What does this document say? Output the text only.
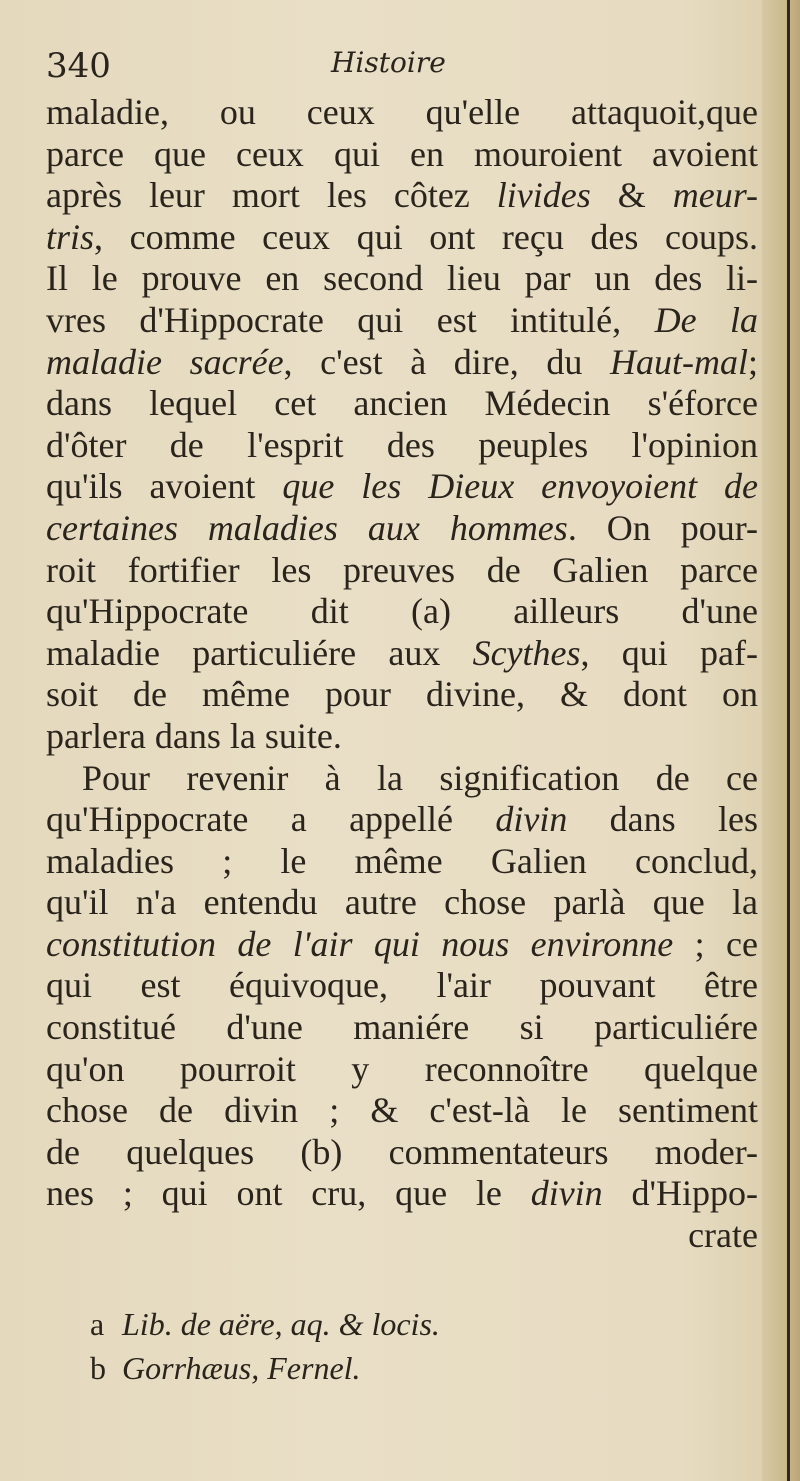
340	Histoire
maladie, ou ceux qu'elle attaquoit,que
parce que ceux qui en mouroient avoient
après leur mort les côtez livides & meur-
tris, comme ceux qui ont reçu des coups.
Il le prouve en second lieu par un des li-
vres d'Hippocrate qui est intitulé, De la
maladie sacrée, c'est à dire, du Haut-mal;
dans lequel cet ancien Médecin s'éforce
d'ôter de l'esprit des peuples l'opinion
qu'ils avoient que les Dieux envoyoient de
certaines maladies aux hommes. On pour-
roit fortifier les preuves de Galien parce
qu'Hippocrate dit (a) ailleurs d'une
maladie particuliére aux Scythes, qui paf-
soit de même pour divine, & dont on
parlera dans la suite.
Pour revenir à la signification de ce
qu'Hippocrate a appellé divin dans les
maladies ; le même Galien conclud,
qu'il n'a entendu autre chose parlà que la
constitution de l'air qui nous environne ; ce
qui est équivoque, l'air pouvant être
constitué d'une maniére si particuliére
qu'on pourroit y reconnoître quelque
chose de divin ; & c'est-là le sentiment
de quelques (b) commentateurs moder-
nes ; qui ont cru, que le divin d'Hippo-
crate
a Lib. de aëre, aq. & locis.
b Gorrhæus, Fernel.
